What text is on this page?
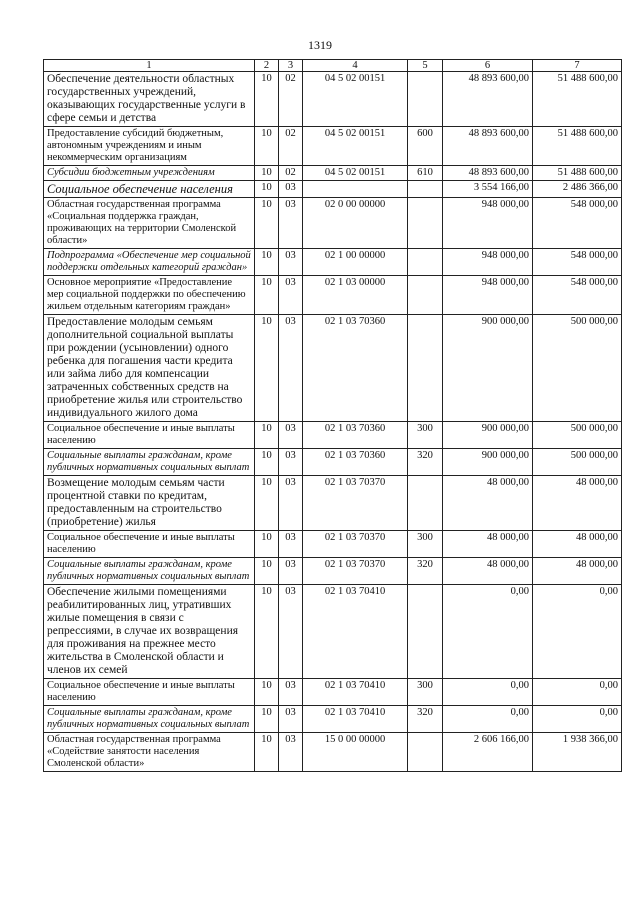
1319
1	2	3	4	5	6	7
Обеспечение деятельности областных государственных учреждений, оказывающих государственные услуги в сфере семьи и детства	10	02	04 5 02 00151		48 893 600,00	51 488 600,00
Предоставление субсидий бюджетным, автономным учреждениям и иным некоммерческим организациям	10	02	04 5 02 00151	600	48 893 600,00	51 488 600,00
Субсидии бюджетным учреждениям	10	02	04 5 02 00151	610	48 893 600,00	51 488 600,00
Социальное обеспечение населения	10	03			3 554 166,00	2 486 366,00
Областная государственная программа «Социальная поддержка граждан, проживающих на территории Смоленской области»	10	03	02 0 00 00000		948 000,00	548 000,00
Подпрограмма «Обеспечение мер социальной поддержки отдельных категорий граждан»	10	03	02 1 00 00000		948 000,00	548 000,00
Основное мероприятие «Предоставление мер социальной поддержки по обеспечению жильем отдельным категориям граждан»	10	03	02 1 03 00000		948 000,00	548 000,00
Предоставление молодым семьям дополнительной социальной выплаты при рождении (усыновлении) одного ребенка для погашения части кредита или займа либо для компенсации затраченных собственных средств на приобретение жилья или строительство индивидуального жилого дома	10	03	02 1 03 70360		900 000,00	500 000,00
Социальное обеспечение и иные выплаты населению	10	03	02 1 03 70360	300	900 000,00	500 000,00
Социальные выплаты гражданам, кроме публичных нормативных социальных выплат	10	03	02 1 03 70360	320	900 000,00	500 000,00
Возмещение молодым семьям части процентной ставки по кредитам, предоставленным на строительство (приобретение) жилья	10	03	02 1 03 70370		48 000,00	48 000,00
Социальное обеспечение и иные выплаты населению	10	03	02 1 03 70370	300	48 000,00	48 000,00
Социальные выплаты гражданам, кроме публичных нормативных социальных выплат	10	03	02 1 03 70370	320	48 000,00	48 000,00
Обеспечение жилыми помещениями реабилитированных лиц, утративших жилые помещения в связи с репрессиями, в случае их возвращения для проживания на прежнее место жительства в Смоленской области и членов их семей	10	03	02 1 03 70410		0,00	0,00
Социальное обеспечение и иные выплаты населению	10	03	02 1 03 70410	300	0,00	0,00
Социальные выплаты гражданам, кроме публичных нормативных социальных выплат	10	03	02 1 03 70410	320	0,00	0,00
Областная государственная программа «Содействие занятости населения Смоленской области»	10	03	15 0 00 00000		2 606 166,00	1 938 366,00
